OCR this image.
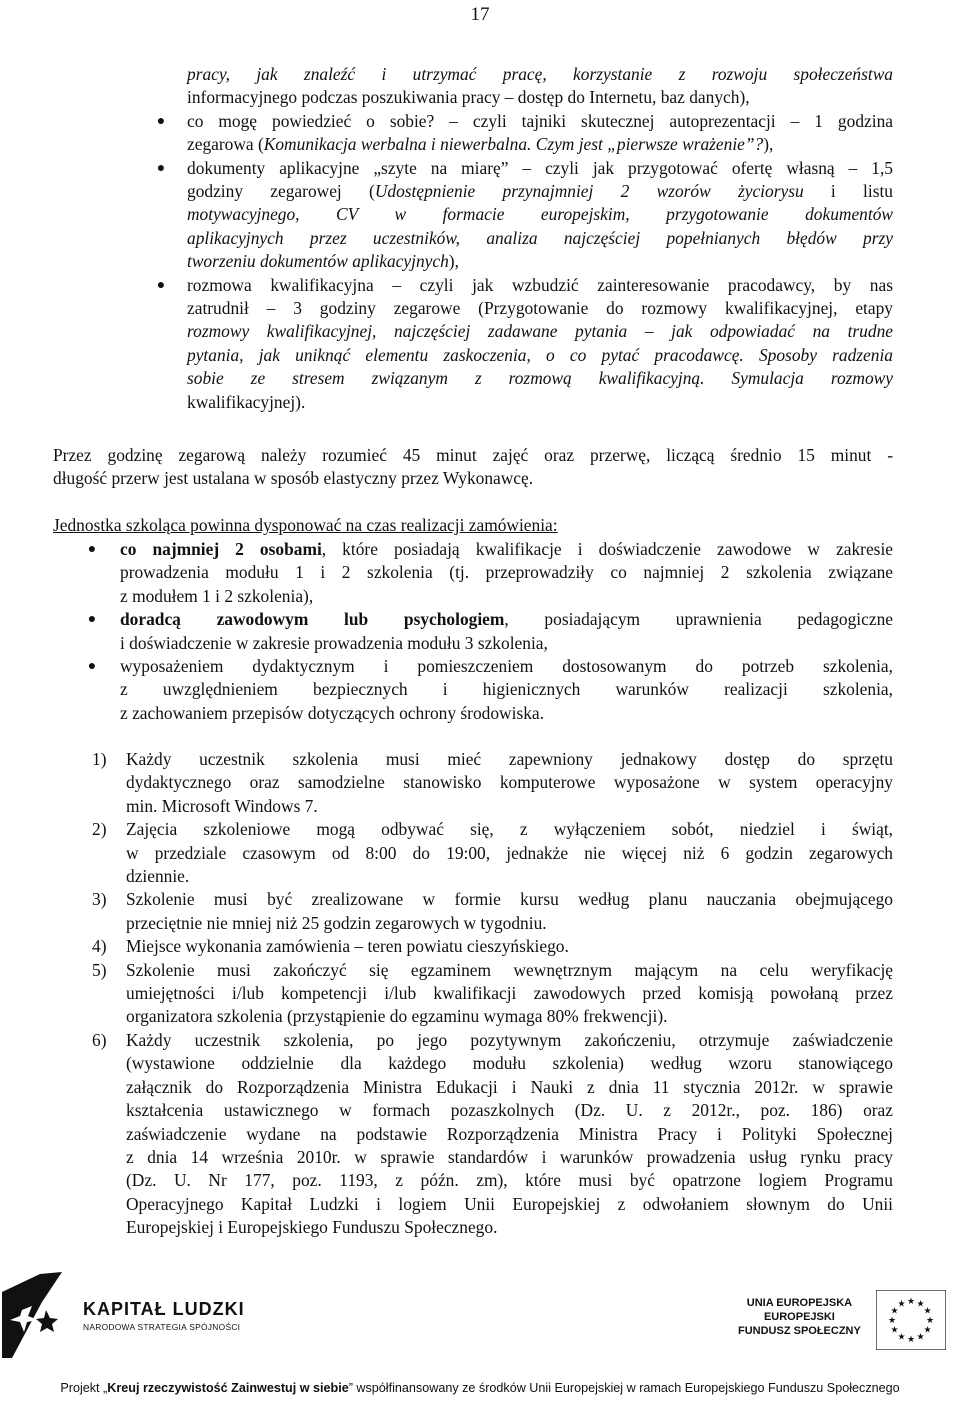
17
pracy, jak znaleźć i utrzymać pracę, korzystanie z rozwoju społeczeństwa
informacyjnego podczas poszukiwania pracy – dostęp do Internetu, baz danych),
● co mogę powiedzieć o sobie? – czyli tajniki skutecznej autoprezentacji – 1 godzina
zegarowa (Komunikacja werbalna i niewerbalna. Czym jest „pierwsze wrażenie”?),
● dokumenty aplikacyjne „szyte na miarę” – czyli jak przygotować ofertę własną – 1,5
godziny zegarowej (Udostępnienie przynajmniej 2 wzorów życiorysu i listu
motywacyjnego, CV w formacie europejskim, przygotowanie dokumentów
aplikacyjnych przez uczestników, analiza najczęściej popełnianych błędów przy
tworzeniu dokumentów aplikacyjnych),
● rozmowa kwalifikacyjna – czyli jak wzbudzić zainteresowanie pracodawcy, by nas
zatrudnił – 3 godziny zegarowe (Przygotowanie do rozmowy kwalifikacyjnej, etapy
rozmowy kwalifikacyjnej, najczęściej zadawane pytania – jak odpowiadać na trudne
pytania, jak uniknąć elementu zaskoczenia, o co pytać pracodawcę. Sposoby radzenia
sobie ze stresem związanym z rozmową kwalifikacyjną. Symulacja rozmowy
kwalifikacyjnej).
Przez godzinę zegarową należy rozumieć 45 minut zajęć oraz przerwę, liczącą średnio 15 minut -
długość przerw jest ustalana w sposób elastyczny przez Wykonawcę.
Jednostka szkoląca powinna dysponować na czas realizacji zamówienia:
● co najmniej 2 osobami, które posiadają kwalifikacje i doświadczenie zawodowe w zakresie
prowadzenia modułu 1 i 2 szkolenia (tj. przeprowadziły co najmniej 2 szkolenia związane
z modułem 1 i 2 szkolenia),
● doradcą zawodowym lub psychologiem, posiadającym uprawnienia pedagogiczne
i doświadczenie w zakresie prowadzenia modułu 3 szkolenia,
● wyposażeniem dydaktycznym i pomieszczeniem dostosowanym do potrzeb szkolenia,
z uwzględnieniem bezpiecznych i higienicznych warunków realizacji szkolenia,
z zachowaniem przepisów dotyczących ochrony środowiska.
1) Każdy uczestnik szkolenia musi mieć zapewniony jednakowy dostęp do sprzętu
dydaktycznego oraz samodzielne stanowisko komputerowe wyposażone w system operacyjny
min. Microsoft Windows 7.
2) Zajęcia szkoleniowe mogą odbywać się, z wyłączeniem sobót, niedziel i świąt,
w przedziale czasowym od 8:00 do 19:00, jednakże nie więcej niż 6 godzin zegarowych
dziennie.
3) Szkolenie musi być zrealizowane w formie kursu według planu nauczania obejmującego
przeciętnie nie mniej niż 25 godzin zegarowych w tygodniu.
4) Miejsce wykonania zamówienia – teren powiatu cieszyńskiego.
5) Szkolenie musi zakończyć się egzaminem wewnętrznym mającym na celu weryfikację
umiejętności i/lub kompetencji i/lub kwalifikacji zawodowych przed komisją powołaną przez
organizatora szkolenia (przystąpienie do egzaminu wymaga 80% frekwencji).
6) Każdy uczestnik szkolenia, po jego pozytywnym zakończeniu, otrzymuje zaświadczenie
(wystawione oddzielnie dla każdego modułu szkolenia) według wzoru stanowiącego
załącznik do Rozporządzenia Ministra Edukacji i Nauki z dnia 11 stycznia 2012r. w sprawie
kształcenia ustawicznego w formach pozaszkolnych (Dz. U. z 2012r., poz. 186) oraz
zaświadczenie wydane na podstawie Rozporządzenia Ministra Pracy i Polityki Społecznej
z dnia 14 września 2010r. w sprawie standardów i warunków prowadzenia usług rynku pracy
(Dz. U. Nr 177, poz. 1193, z późn. zm), które musi być opatrzone logiem Programu
Operacyjnego Kapitał Ludzki i logiem Unii Europejskiej z odwołaniem słownym do Unii
Europejskiej i Europejskiego Funduszu Społecznego.
KAPITAŁ LUDZKI
NARODOWA STRATEGIA SPÓJNOŚCI
UNIA EUROPEJSKA
EUROPEJSKI
FUNDUSZ SPOŁECZNY
★ ★
★
★
★
★
★
★
★
★
★
★
Projekt „Kreuj rzeczywistość Zainwestuj w siebie” współfinansowany ze środków Unii Europejskiej w ramach Europejskiego Funduszu Społecznego
